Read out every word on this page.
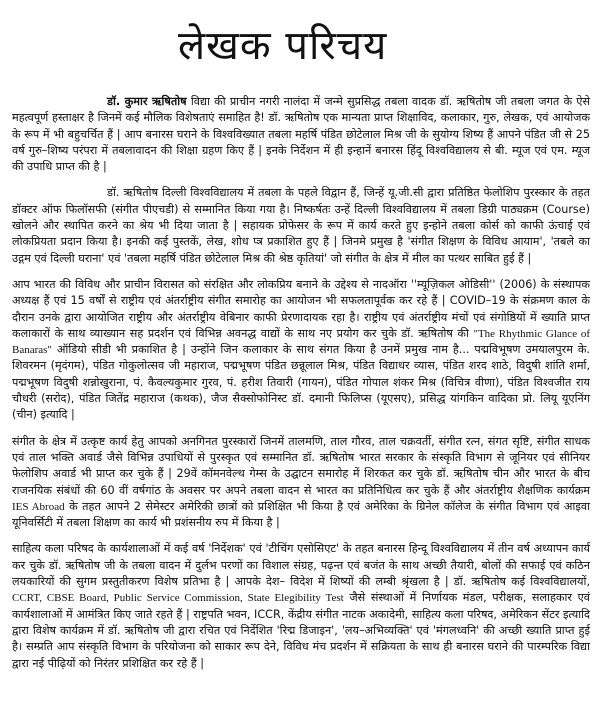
लेखक परिचय

डॉ. कुमार ऋषितोष विद्या की प्राचीन नगरी नालंदा में जन्मे सुप्रसिद्ध तबला वादक डॉ. ऋषितोष जी तबला जगत के ऐसे महत्वपूर्ण हस्ताक्षर है जिनमें कई मौलिक विशेषताएं समाहित है! डॉ. ऋषितोष एक मान्यता प्राप्त शिक्षाविद, कलाकार, गुरु, लेखक, एवं आयोजक के रूप में भी बहुचर्चित हैं | आप बनारस घराने के विश्वविख्यात तबला महर्षि पंडित छोटेलाल मिश्र जी के सुयोग्य शिष्य हैं आपने पंडित जी से 25 वर्ष गुरु–शिष्य परंपरा में तबलावादन की शिक्षा ग्रहण किए हैं | इनके निर्देशन में ही इन्हानें बनारस हिंदू विश्वविद्यालय से बी. म्यूज एवं एम. म्यूज की उपाधि प्राप्त की है |

डॉ. ऋषितोष दिल्ली विश्वविद्यालय में तबला के पहले विद्वान हैं, जिन्हें यू.जी.सी द्वारा प्रतिष्ठित फेलोशिप पुरस्कार के तहत डॉक्टर ऑफ फिलॉसफी (संगीत पीएचडी) से सम्मानित किया गया है। निष्कर्षतः उन्हें दिल्ली विश्वविद्यालय में तबला डिग्री पाठ्यक्रम (Course) खोलने और स्थापित करने का श्रेय भी दिया जाता है | सहायक प्रोफेसर के रूप में कार्य करते हुए इन्होने तबला कोर्स को काफी ऊंचाई एवं लोकप्रियता प्रदान किया है। इनकी कई पुस्तकें, लेख, शोध प्त्र प्रकाशित हुए हैं | जिनमे प्रमुख है 'संगीत शिक्षण के विविध आयाम', 'तबले का उद्गम एवं दिल्ली घराना' एवं 'तबला महर्षि पंडित छोटेलाल मिश्र की श्रेष्ठ कृतियां' जो संगीत के क्षेत्र में मील का पत्थर साबित हुई हैं |

आप भारत की विविध और प्राचीन विरासत को संरक्षित और लोकप्रिय बनाने के उद्देश्य से नादऑरा ''म्यूज़िकल ओडिसी'' (2006) के संस्थापक अध्यक्ष हैं एवं 15 वर्षों से राष्ट्रीय एवं अंतर्राष्ट्रीय संगीत समारोह का आयोजन भी सफलतापूर्वक कर रहे हैं | COVID–19 के संक्रमण काल के दौरान उनके द्वारा आयोजित राष्ट्रीय और अंतर्राष्ट्रीय वेबिनार काफी प्रेरणादायक रहा है। राष्ट्रीय एवं अंतर्राष्ट्रीय मंचों एवं संगोष्ठियों में ख्याति प्राप्त कलाकारों के साथ व्याख्यान सह प्रदर्शन एवं विभिन्न अवनद्ध वाद्यों के साथ नए प्रयोग कर चुके डॉ. ऋषितोष की "The Rhythmic Glance of Banaras" ऑडियो सीडी भी प्रकाशित है | उन्होंने जिन कलाकार के साथ संगत किया है उनमें प्रमुख नाम है... पद्मविभूषण उमयालपुरम के. शिवरमन (मृदंगम), पंडित गोकुलोत्सव जी महाराज, पद्मभूषण पंडित छन्नूलाल मिश्र, पंडित विद्याधर व्यास, पंडित शरद शाठे, विदुषी शांति शर्मा, पद्मभूषण विदुषी शन्नोखुराना, पं. कैवल्यकुमार गुरव, पं. हरीश तिवारी (गायन), पंडित गोपाल शंकर मिश्र (विचित्र वीणा), पंडित विश्वजीत राय चौधरी (सरोद), पंडित जितेंद्र महाराज (कथक), जैज सैक्सोफोनिस्ट डॉ. दमानी फिलिप्स (यूएसए), प्रसिद्ध यांगकिन वादिका प्रो. लियू यूएनिंग (चीन) इत्यादि |

संगीत के क्षेत्र में उत्कृष्ट कार्य हेतु आपको अनगिनत पुरस्कारों जिनमें तालमणि, ताल गौरव, ताल चक्रवर्ती, संगीत रत्न, संगत सृष्टि, संगीत साधक एवं ताल भक्ति अवार्ड जैसे विभिन्न उपाधियों से पुरस्कृत एवं सम्मानित डॉ. ऋषितोष भारत सरकार के संस्कृति विभाग से जूनियर एवं सीनियर फेलोशिप अवार्ड भी प्राप्त कर चुके हैं | 29वें कॉमनवेल्थ गेम्स के उद्घाटन समारोह में शिरकत कर चुके डॉ. ऋषितोष चीन और भारत के बीच राजनयिक संबंधों की 60 वीं वर्षगांठ के अवसर पर अपने तबला वादन से भारत का प्रतिनिधित्व कर चुके हैं और अंतर्राष्ट्रीय शैक्षणिक कार्यक्रम IES Abroad के तहत आपने 2 सेमेस्टर अमेरिकी छात्रों को प्रशिक्षित भी किया है एवं अमेरिका के ग्रिनेल कॉलेज के संगीत विभाग एवं आइवा यूनिवर्सिटी में तबला शिक्षण का कार्य भी प्रशंसनीय रुप में किया है |

साहित्य कला परिषद के कार्यशालाओं में कई वर्ष 'निर्देशक' एवं 'टीचिंग एसोसिएट' के तहत बनारस हिन्दू विश्वविद्यालय में तीन वर्ष अध्यापन कार्य कर चुके डॉ. ऋषितोष जी के तबला वादन में दुर्लभ परणों का विशाल संग्रह, पढ़न्त एवं बजंत के साथ अच्छी तैयारी, बोलों की सफाई एवं कठिन लयकारियों की सुगम प्रस्तुतीकरण विशेष प्रतिभा है | आपके देश– विदेश में शिष्यों की लम्बी श्रृंखला है | डॉ. ऋषितोष कई विश्वविद्यालयों, CCRT, CBSE Board, Public Service Commission, State Elegibility Test जैसे संस्थाओं में निर्णायक मंडल, परीक्षक, सलाहकार एवं कार्यशालाओं में आमंत्रित किए जाते रहते हैं | राष्ट्रपति भवन, ICCR, केंद्रीय संगीत नाटक अकादेमी, साहित्य कला परिषद, अमेरिकन सेंटर इत्यादि द्वारा विशेष कार्यक्रम में डॉ. ऋषितोष जी द्वारा रचित एवं निर्देशित 'रिद्म डिजाइन', 'लय–अभिव्यक्ति' एवं 'मंगलध्वनि' की अच्छी ख्याति प्राप्त हुई है। सम्प्रति आप संस्कृति विभाग के परियोजना को साकार रूप देने, विविध मंच प्रदर्शन में सक्रियता के साथ ही बनारस घराने की पारम्परिक विद्या द्वारा नई पीढ़ियों को निरंतर प्रशिक्षित कर रहे हैं |
